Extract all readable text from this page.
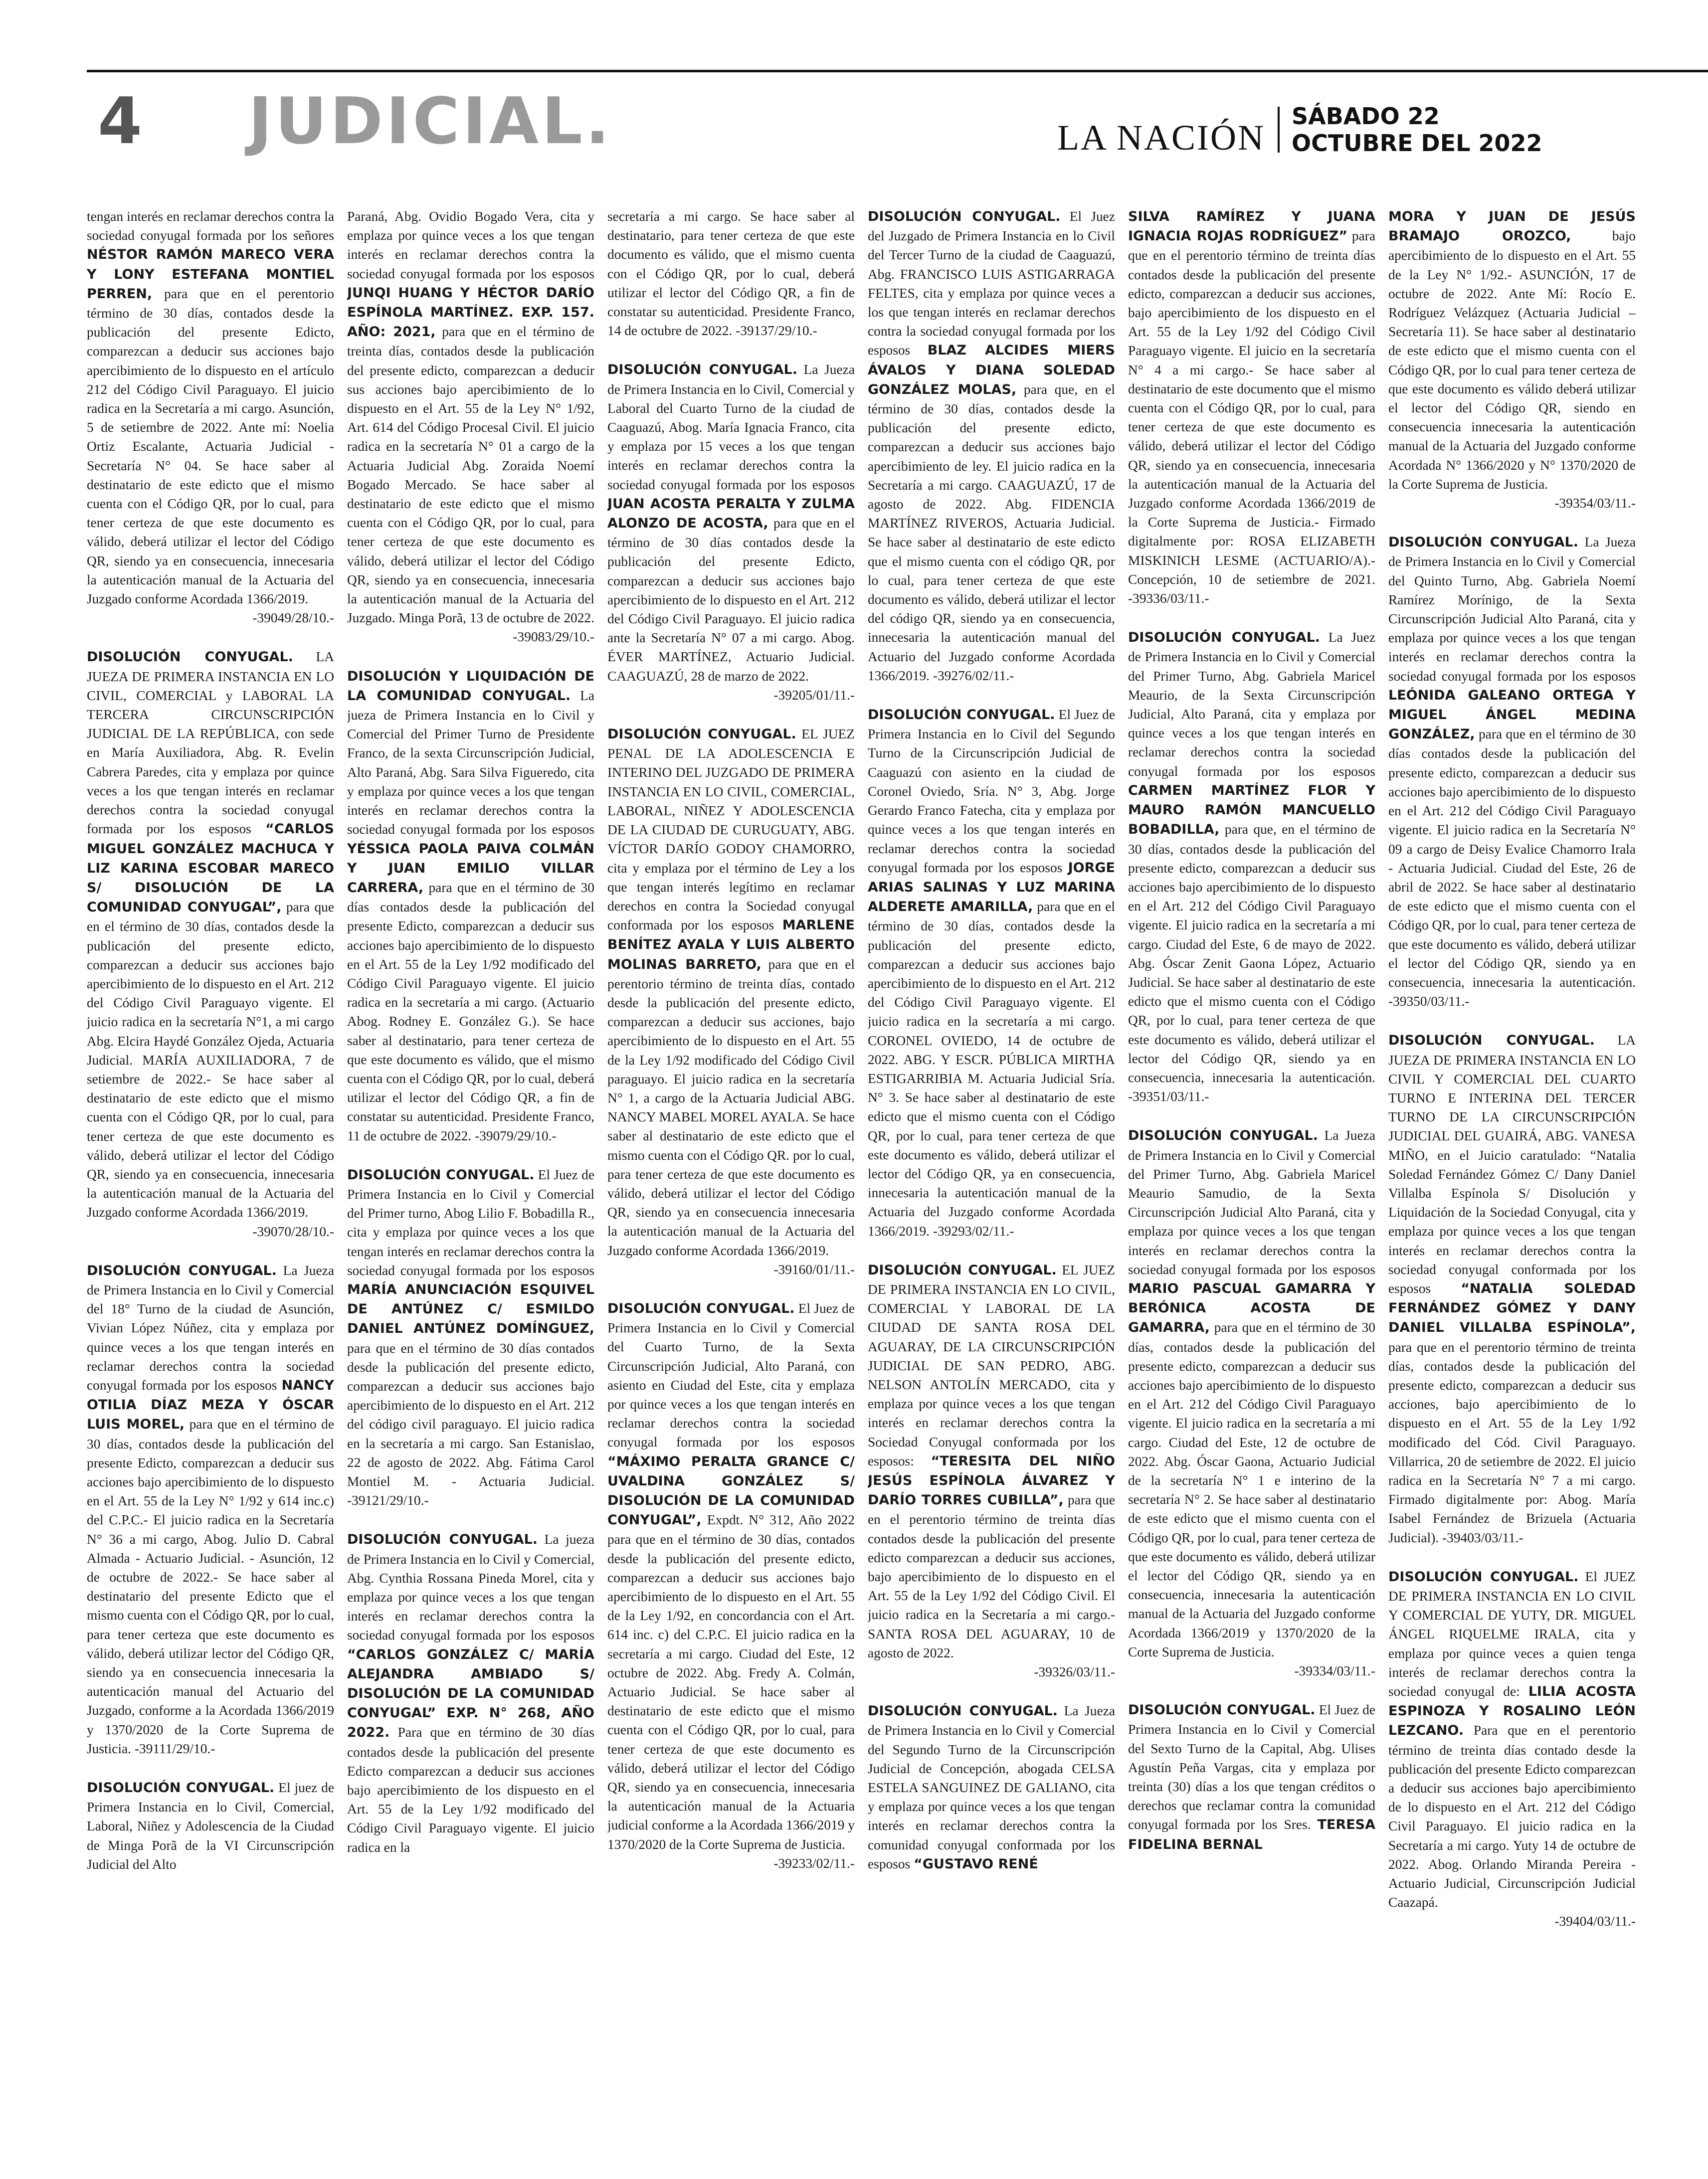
4 JUDICIAL.	LA NACIÓN
SÁBADO 22
OCTUBRE DEL 2022

tengan interés en reclamar derechos contra la sociedad conyugal formada por los señores NÉSTOR RAMÓN MARECO VERA Y LONY ESTEFANA MONTIEL PERREN, para que en el perentorio término de 30 días, contados desde la publicación del presente Edicto, comparezcan a deducir sus acciones bajo apercibimiento de lo dispuesto en el artículo 212 del Código Civil Paraguayo. El juicio radica en la Secretaría a mi cargo. Asunción, 5 de setiembre de 2022. Ante mí: Noelia Ortiz Escalante, Actuaria Judicial - Secretaría N° 04. Se hace saber al destinatario de este edicto que el mismo cuenta con el Código QR, por lo cual, para tener certeza de que este documento es válido, deberá utilizar el lector del Código QR, siendo ya en consecuencia, innecesaria la autenticación manual de la Actuaria del Juzgado conforme Acordada 1366/2019.
-39049/28/10.-

DISOLUCIÓN CONYUGAL. LA JUEZA DE PRIMERA INSTANCIA EN LO CIVIL, COMERCIAL y LABORAL LA TERCERA CIRCUNSCRIPCIÓN JUDICIAL DE LA REPÚBLICA, con sede en María Auxiliadora, Abg. R. Evelin Cabrera Paredes, cita y emplaza por quince veces a los que tengan interés en reclamar derechos contra la sociedad conyugal formada por los esposos “CARLOS MIGUEL GONZÁLEZ MACHUCA Y LIZ KARINA ESCOBAR MARECO S/ DISOLUCIÓN DE LA COMUNIDAD CONYUGAL”, para que en el término de 30 días, contados desde la publicación del presente edicto, comparezcan a deducir sus acciones bajo apercibimiento de lo dispuesto en el Art. 212 del Código Civil Paraguayo vigente. El juicio radica en la secretaría N°1, a mi cargo Abg. Elcira Haydé González Ojeda, Actuaria Judicial. MARÍA AUXILIADORA, 7 de setiembre de 2022.- Se hace saber al destinatario de este edicto que el mismo cuenta con el Código QR, por lo cual, para tener certeza de que este documento es válido, deberá utilizar el lector del Código QR, siendo ya en consecuencia, innecesaria la autenticación manual de la Actuaria del Juzgado conforme Acordada 1366/2019.
-39070/28/10.-

DISOLUCIÓN CONYUGAL. La Jueza de Primera Instancia en lo Civil y Comercial del 18° Turno de la ciudad de Asunción, Vivian López Núñez, cita y emplaza por quince veces a los que tengan interés en reclamar derechos contra la sociedad conyugal formada por los esposos NANCY OTILIA DÍAZ MEZA Y ÓSCAR LUIS MOREL, para que en el término de 30 días, contados desde la publicación del presente Edicto, comparezcan a deducir sus acciones bajo apercibimiento de lo dispuesto en el Art. 55 de la Ley N° 1/92 y 614 inc.c) del C.P.C.- El juicio radica en la Secretaría N° 36 a mi cargo, Abog. Julio D. Cabral Almada - Actuario Judicial. - Asunción, 12 de octubre de 2022.- Se hace saber al destinatario del presente Edicto que el mismo cuenta con el Código QR, por lo cual, para tener certeza que este documento es válido, deberá utilizar lector del Código QR, siendo ya en consecuencia innecesaria la autenticación manual del Actuario del Juzgado, conforme a la Acordada 1366/2019 y 1370/2020 de la Corte Suprema de Justicia. -39111/29/10.-

DISOLUCIÓN CONYUGAL. El juez de Primera Instancia en lo Civil, Comercial, Laboral, Niñez y Adolescencia de la Ciudad de Minga Porã de la VI Circunscripción Judicial del Alto

Paraná, Abg. Ovidio Bogado Vera, cita y emplaza por quince veces a los que tengan interés en reclamar derechos contra la sociedad conyugal formada por los esposos JUNQI HUANG Y HÉCTOR DARÍO ESPÍNOLA MARTÍNEZ. EXP. 157. AÑO: 2021, para que en el término de treinta días, contados desde la publicación del presente edicto, comparezcan a deducir sus acciones bajo apercibimiento de lo dispuesto en el Art. 55 de la Ley N° 1/92, Art. 614 del Código Procesal Civil. El juicio radica en la secretaría N° 01 a cargo de la Actuaria Judicial Abg. Zoraida Noemí Bogado Mercado. Se hace saber al destinatario de este edicto que el mismo cuenta con el Código QR, por lo cual, para tener certeza de que este documento es válido, deberá utilizar el lector del Código QR, siendo ya en consecuencia, innecesaria la autenticación manual de la Actuaria del Juzgado. Minga Porã, 13 de octubre de 2022.
-39083/29/10.-

DISOLUCIÓN Y LIQUIDACIÓN DE LA COMUNIDAD CONYUGAL. La jueza de Primera Instancia en lo Civil y Comercial del Primer Turno de Presidente Franco, de la sexta Circunscripción Judicial, Alto Paraná, Abg. Sara Silva Figueredo, cita y emplaza por quince veces a los que tengan interés en reclamar derechos contra la sociedad conyugal formada por los esposos YÉSSICA PAOLA PAIVA COLMÁN Y JUAN EMILIO VILLAR CARRERA, para que en el término de 30 días contados desde la publicación del presente Edicto, comparezcan a deducir sus acciones bajo apercibimiento de lo dispuesto en el Art. 55 de la Ley 1/92 modificado del Código Civil Paraguayo vigente. El juicio radica en la secretaría a mi cargo. (Actuario Abog. Rodney E. González G.). Se hace saber al destinatario, para tener certeza de que este documento es válido, que el mismo cuenta con el Código QR, por lo cual, deberá utilizar el lector del Código QR, a fin de constatar su autenticidad. Presidente Franco, 11 de octubre de 2022. -39079/29/10.-

DISOLUCIÓN CONYUGAL. El Juez de Primera Instancia en lo Civil y Comercial del Primer turno, Abog Lilio F. Bobadilla R., cita y emplaza por quince veces a los que tengan interés en reclamar derechos contra la sociedad conyugal formada por los esposos MARÍA ANUNCIACIÓN ESQUIVEL DE ANTÚNEZ C/ ESMILDO DANIEL ANTÚNEZ DOMÍNGUEZ, para que en el término de 30 días contados desde la publicación del presente edicto, comparezcan a deducir sus acciones bajo apercibimiento de lo dispuesto en el Art. 212 del código civil paraguayo. El juicio radica en la secretaría a mi cargo. San Estanislao, 22 de agosto de 2022. Abg. Fátima Carol Montiel M. - Actuaria Judicial. -39121/29/10.-

DISOLUCIÓN CONYUGAL. La jueza de Primera Instancia en lo Civil y Comercial, Abg. Cynthia Rossana Pineda Morel, cita y emplaza por quince veces a los que tengan interés en reclamar derechos contra la sociedad conyugal formada por los esposos “CARLOS GONZÁLEZ C/ MARÍA ALEJANDRA AMBIADO S/ DISOLUCIÓN DE LA COMUNIDAD CONYUGAL” EXP. N° 268, AÑO 2022. Para que en término de 30 días contados desde la publicación del presente Edicto comparezcan a deducir sus acciones bajo apercibimiento de los dispuesto en el Art. 55 de la Ley 1/92 modificado del Código Civil Paraguayo vigente. El juicio radica en la

secretaría a mi cargo. Se hace saber al destinatario, para tener certeza de que este documento es válido, que el mismo cuenta con el Código QR, por lo cual, deberá utilizar el lector del Código QR, a fin de constatar su autenticidad. Presidente Franco, 14 de octubre de 2022. -39137/29/10.-

DISOLUCIÓN CONYUGAL. La Jueza de Primera Instancia en lo Civil, Comercial y Laboral del Cuarto Turno de la ciudad de Caaguazú, Abog. María Ignacia Franco, cita y emplaza por 15 veces a los que tengan interés en reclamar derechos contra la sociedad conyugal formada por los esposos JUAN ACOSTA PERALTA Y ZULMA ALONZO DE ACOSTA, para que en el término de 30 días contados desde la publicación del presente Edicto, comparezcan a deducir sus acciones bajo apercibimiento de lo dispuesto en el Art. 212 del Código Civil Paraguayo. El juicio radica ante la Secretaría N° 07 a mi cargo. Abog. ÉVER MARTÍNEZ, Actuario Judicial. CAAGUAZÚ, 28 de marzo de 2022.
-39205/01/11.-

DISOLUCIÓN CONYUGAL. EL JUEZ PENAL DE LA ADOLESCENCIA E INTERINO DEL JUZGADO DE PRIMERA INSTANCIA EN LO CIVIL, COMERCIAL, LABORAL, NIÑEZ Y ADOLESCENCIA DE LA CIUDAD DE CURUGUATY, ABG. VÍCTOR DARÍO GODOY CHAMORRO, cita y emplaza por el término de Ley a los que tengan interés legítimo en reclamar derechos en contra la Sociedad conyugal conformada por los esposos MARLENE BENÍTEZ AYALA Y LUIS ALBERTO MOLINAS BARRETO, para que en el perentorio término de treinta días, contado desde la publicación del presente edicto, comparezcan a deducir sus acciones, bajo apercibimiento de lo dispuesto en el Art. 55 de la Ley 1/92 modificado del Código Civil paraguayo. El juicio radica en la secretaría N° 1, a cargo de la Actuaria Judicial ABG. NANCY MABEL MOREL AYALA. Se hace saber al destinatario de este edicto que el mismo cuenta con el Código QR. por lo cual, para tener certeza de que este documento es válido, deberá utilizar el lector del Código QR, siendo ya en consecuencia innecesaria la autenticación manual de la Actuaria del Juzgado conforme Acordada 1366/2019.
-39160/01/11.-

DISOLUCIÓN CONYUGAL. El Juez de Primera Instancia en lo Civil y Comercial del Cuarto Turno, de la Sexta Circunscripción Judicial, Alto Paraná, con asiento en Ciudad del Este, cita y emplaza por quince veces a los que tengan interés en reclamar derechos contra la sociedad conyugal formada por los esposos “MÁXIMO PERALTA GRANCE C/ UVALDINA GONZÁLEZ S/ DISOLUCIÓN DE LA COMUNIDAD CONYUGAL”, Expdt. N° 312, Año 2022 para que en el término de 30 días, contados desde la publicación del presente edicto, comparezcan a deducir sus acciones bajo apercibimiento de lo dispuesto en el Art. 55 de la Ley 1/92, en concordancia con el Art. 614 inc. c) del C.P.C. El juicio radica en la secretaría a mi cargo. Ciudad del Este, 12 octubre de 2022. Abg. Fredy A. Colmán, Actuario Judicial. Se hace saber al destinatario de este edicto que el mismo cuenta con el Código QR, por lo cual, para tener certeza de que este documento es válido, deberá utilizar el lector del Código QR, siendo ya en consecuencia, innecesaria la autenticación manual de la Actuaria judicial conforme a la Acordada 1366/2019 y 1370/2020 de la Corte Suprema de Justicia.
-39233/02/11.-

DISOLUCIÓN CONYUGAL. El Juez del Juzgado de Primera Instancia en lo Civil del Tercer Turno de la ciudad de Caaguazú, Abg. FRANCISCO LUIS ASTIGARRAGA FELTES, cita y emplaza por quince veces a los que tengan interés en reclamar derechos contra la sociedad conyugal formada por los esposos BLAZ ALCIDES MIERS ÁVALOS Y DIANA SOLEDAD GONZÁLEZ MOLAS, para que, en el término de 30 días, contados desde la publicación del presente edicto, comparezcan a deducir sus acciones bajo apercibimiento de ley. El juicio radica en la Secretaría a mi cargo. CAAGUAZÚ, 17 de agosto de 2022. Abg. FIDENCIA MARTÍNEZ RIVEROS, Actuaria Judicial. Se hace saber al destinatario de este edicto que el mismo cuenta con el código QR, por lo cual, para tener certeza de que este documento es válido, deberá utilizar el lector del código QR, siendo ya en consecuencia, innecesaria la autenticación manual del Actuario del Juzgado conforme Acordada 1366/2019. -39276/02/11.-

DISOLUCIÓN CONYUGAL. El Juez de Primera Instancia en lo Civil del Segundo Turno de la Circunscripción Judicial de Caaguazú con asiento en la ciudad de Coronel Oviedo, Sría. N° 3, Abg. Jorge Gerardo Franco Fatecha, cita y emplaza por quince veces a los que tengan interés en reclamar derechos contra la sociedad conyugal formada por los esposos JORGE ARIAS SALINAS Y LUZ MARINA ALDERETE AMARILLA, para que en el término de 30 días, contados desde la publicación del presente edicto, comparezcan a deducir sus acciones bajo apercibimiento de lo dispuesto en el Art. 212 del Código Civil Paraguayo vigente. El juicio radica en la secretaría a mi cargo. CORONEL OVIEDO, 14 de octubre de 2022. ABG. Y ESCR. PÚBLICA MIRTHA ESTIGARRIBIA M. Actuaria Judicial Sría. N° 3. Se hace saber al destinatario de este edicto que el mismo cuenta con el Código QR, por lo cual, para tener certeza de que este documento es válido, deberá utilizar el lector del Código QR, ya en consecuencia, innecesaria la autenticación manual de la Actuaria del Juzgado conforme Acordada 1366/2019. -39293/02/11.-

DISOLUCIÓN CONYUGAL. EL JUEZ DE PRIMERA INSTANCIA EN LO CIVIL, COMERCIAL Y LABORAL DE LA CIUDAD DE SANTA ROSA DEL AGUARAY, DE LA CIRCUNSCRIPCIÓN JUDICIAL DE SAN PEDRO, ABG. NELSON ANTOLÍN MERCADO, cita y emplaza por quince veces a los que tengan interés en reclamar derechos contra la Sociedad Conyugal conformada por los esposos: “TERESITA DEL NIÑO JESÚS ESPÍNOLA ÁLVAREZ Y DARÍO TORRES CUBILLA”, para que en el perentorio término de treinta días contados desde la publicación del presente edicto comparezcan a deducir sus acciones, bajo apercibimiento de lo dispuesto en el Art. 55 de la Ley 1/92 del Código Civil. El juicio radica en la Secretaría a mi cargo.- SANTA ROSA DEL AGUARAY, 10 de agosto de 2022.
-39326/03/11.-

DISOLUCIÓN CONYUGAL. La Jueza de Primera Instancia en lo Civil y Comercial del Segundo Turno de la Circunscripción Judicial de Concepción, abogada CELSA ESTELA SANGUINEZ DE GALIANO, cita y emplaza por quince veces a los que tengan interés en reclamar derechos contra la comunidad conyugal conformada por los esposos “GUSTAVO RENÉ

SILVA RAMÍREZ Y JUANA IGNACIA ROJAS RODRÍGUEZ” para que en el perentorio término de treinta días contados desde la publicación del presente edicto, comparezcan a deducir sus acciones, bajo apercibimiento de los dispuesto en el Art. 55 de la Ley 1/92 del Código Civil Paraguayo vigente. El juicio en la secretaría N° 4 a mi cargo.- Se hace saber al destinatario de este documento que el mismo cuenta con el Código QR, por lo cual, para tener certeza de que este documento es válido, deberá utilizar el lector del Código QR, siendo ya en consecuencia, innecesaria la autenticación manual de la Actuaria del Juzgado conforme Acordada 1366/2019 de la Corte Suprema de Justicia.- Firmado digitalmente por: ROSA ELIZABETH MISKINICH LESME (ACTUARIO/A).- Concepción, 10 de setiembre de 2021. -39336/03/11.-

DISOLUCIÓN CONYUGAL. La Juez de Primera Instancia en lo Civil y Comercial del Primer Turno, Abg. Gabriela Maricel Meaurio, de la Sexta Circunscripción Judicial, Alto Paraná, cita y emplaza por quince veces a los que tengan interés en reclamar derechos contra la sociedad conyugal formada por los esposos CARMEN MARTÍNEZ FLOR Y MAURO RAMÓN MANCUELLO BOBADILLA, para que, en el término de 30 días, contados desde la publicación del presente edicto, comparezcan a deducir sus acciones bajo apercibimiento de lo dispuesto en el Art. 212 del Código Civil Paraguayo vigente. El juicio radica en la secretaría a mi cargo. Ciudad del Este, 6 de mayo de 2022. Abg. Óscar Zenit Gaona López, Actuario Judicial. Se hace saber al destinatario de este edicto que el mismo cuenta con el Código QR, por lo cual, para tener certeza de que este documento es válido, deberá utilizar el lector del Código QR, siendo ya en consecuencia, innecesaria la autenticación. -39351/03/11.-

DISOLUCIÓN CONYUGAL. La Jueza de Primera Instancia en lo Civil y Comercial del Primer Turno, Abg. Gabriela Maricel Meaurio Samudio, de la Sexta Circunscripción Judicial Alto Paraná, cita y emplaza por quince veces a los que tengan interés en reclamar derechos contra la sociedad conyugal formada por los esposos MARIO PASCUAL GAMARRA Y BERÓNICA ACOSTA DE GAMARRA, para que en el término de 30 días, contados desde la publicación del presente edicto, comparezcan a deducir sus acciones bajo apercibimiento de lo dispuesto en el Art. 212 del Código Civil Paraguayo vigente. El juicio radica en la secretaría a mi cargo. Ciudad del Este, 12 de octubre de 2022. Abg. Óscar Gaona, Actuario Judicial de la secretaría N° 1 e interino de la secretaría N° 2. Se hace saber al destinatario de este edicto que el mismo cuenta con el Código QR, por lo cual, para tener certeza de que este documento es válido, deberá utilizar el lector del Código QR, siendo ya en consecuencia, innecesaria la autenticación manual de la Actuaria del Juzgado conforme Acordada 1366/2019 y 1370/2020 de la Corte Suprema de Justicia.
-39334/03/11.-

DISOLUCIÓN CONYUGAL. El Juez de Primera Instancia en lo Civil y Comercial del Sexto Turno de la Capital, Abg. Ulises Agustín Peña Vargas, cita y emplaza por treinta (30) días a los que tengan créditos o derechos que reclamar contra la comunidad conyugal formada por los Sres. TERESA FIDELINA BERNAL

MORA Y JUAN DE JESÚS BRAMAJO OROZCO, bajo apercibimiento de lo dispuesto en el Art. 55 de la Ley N° 1/92.- ASUNCIÓN, 17 de octubre de 2022. Ante Mí: Rocío E. Rodríguez Velázquez (Actuaria Judicial – Secretaría 11). Se hace saber al destinatario de este edicto que el mismo cuenta con el Código QR, por lo cual para tener certeza de que este documento es válido deberá utilizar el lector del Código QR, siendo en consecuencia innecesaria la autenticación manual de la Actuaria del Juzgado conforme Acordada N° 1366/2020 y N° 1370/2020 de la Corte Suprema de Justicia.
-39354/03/11.-

DISOLUCIÓN CONYUGAL. La Jueza de Primera Instancia en lo Civil y Comercial del Quinto Turno, Abg. Gabriela Noemí Ramírez Morínigo, de la Sexta Circunscripción Judicial Alto Paraná, cita y emplaza por quince veces a los que tengan interés en reclamar derechos contra la sociedad conyugal formada por los esposos LEÓNIDA GALEANO ORTEGA Y MIGUEL ÁNGEL MEDINA GONZÁLEZ, para que en el término de 30 días contados desde la publicación del presente edicto, comparezcan a deducir sus acciones bajo apercibimiento de lo dispuesto en el Art. 212 del Código Civil Paraguayo vigente. El juicio radica en la Secretaría N° 09 a cargo de Deisy Evalice Chamorro Irala - Actuaria Judicial. Ciudad del Este, 26 de abril de 2022. Se hace saber al destinatario de este edicto que el mismo cuenta con el Código QR, por lo cual, para tener certeza de que este documento es válido, deberá utilizar el lector del Código QR, siendo ya en consecuencia, innecesaria la autenticación. -39350/03/11.-

DISOLUCIÓN CONYUGAL. LA JUEZA DE PRIMERA INSTANCIA EN LO CIVIL Y COMERCIAL DEL CUARTO TURNO E INTERINA DEL TERCER TURNO DE LA CIRCUNSCRIPCIÓN JUDICIAL DEL GUAIRÁ, ABG. VANESA MIÑO, en el Juicio caratulado: “Natalia Soledad Fernández Gómez C/ Dany Daniel Villalba Espínola S/ Disolución y Liquidación de la Sociedad Conyugal, cita y emplaza por quince veces a los que tengan interés en reclamar derechos contra la sociedad conyugal conformada por los esposos “NATALIA SOLEDAD FERNÁNDEZ GÓMEZ Y DANY DANIEL VILLALBA ESPÍNOLA”, para que en el perentorio término de treinta días, contados desde la publicación del presente edicto, comparezcan a deducir sus acciones, bajo apercibimiento de lo dispuesto en el Art. 55 de la Ley 1/92 modificado del Cód. Civil Paraguayo. Villarrica, 20 de setiembre de 2022. El juicio radica en la Secretaría N° 7 a mi cargo. Firmado digitalmente por: Abog. María Isabel Fernández de Brizuela (Actuaria Judicial). -39403/03/11.-

DISOLUCIÓN CONYUGAL. El JUEZ DE PRIMERA INSTANCIA EN LO CIVIL Y COMERCIAL DE YUTY, DR. MIGUEL ÁNGEL RIQUELME IRALA, cita y emplaza por quince veces a quien tenga interés de reclamar derechos contra la sociedad conyugal de: LILIA ACOSTA ESPINOZA Y ROSALINO LEÓN LEZCANO. Para que en el perentorio término de treinta días contado desde la publicación del presente Edicto comparezcan a deducir sus acciones bajo apercibimiento de lo dispuesto en el Art. 212 del Código Civil Paraguayo. El juicio radica en la Secretaría a mi cargo. Yuty 14 de octubre de 2022. Abog. Orlando Miranda Pereira - Actuario Judicial, Circunscripción Judicial Caazapá.
-39404/03/11.-
